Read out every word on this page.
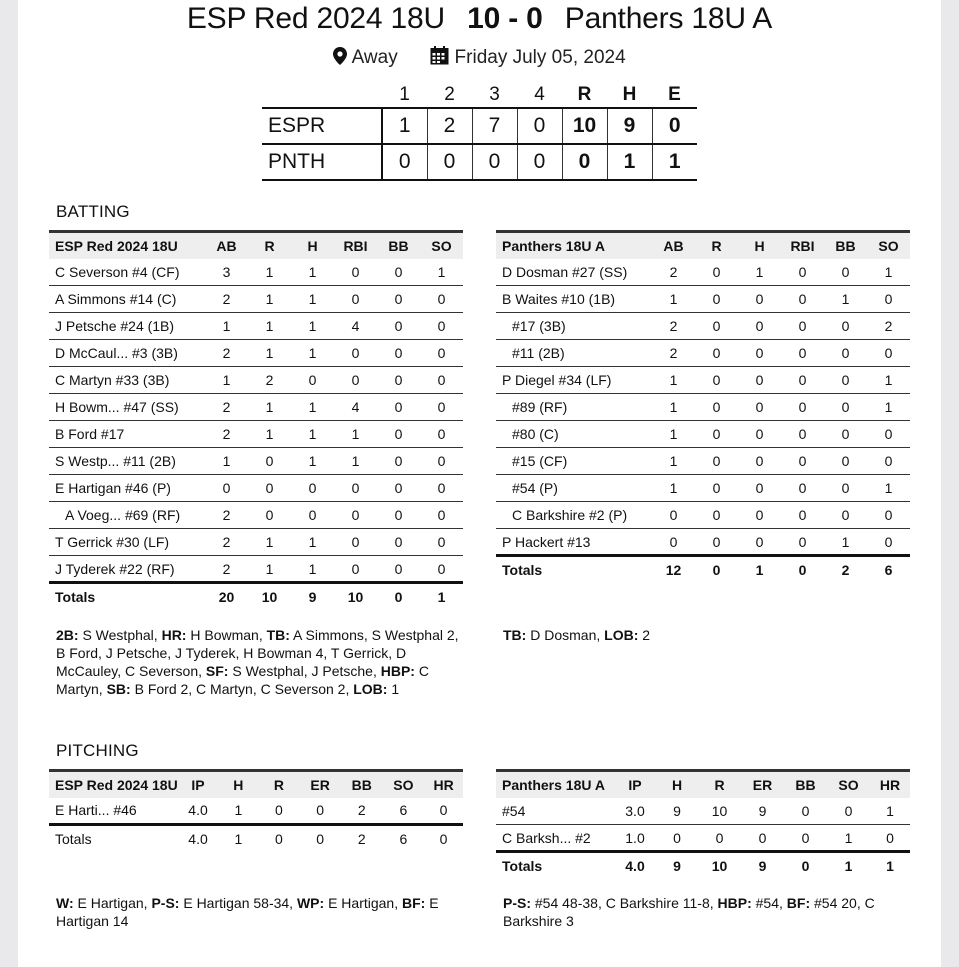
ESP Red 2024 18U 10 - 0 Panthers 18U A
Away	Friday July 05, 2024
	1	2	3	4	R	H	E
ESPR	1	2	7	0	10	9	0
PNTH	0	0	0	0	0	1	1
BATTING
ESP Red 2024 18U	AB	R	H	RBI	BB	SO
C Severson #4 (CF)	3	1	1	0	0	1
A Simmons #14 (C)	2	1	1	0	0	0
J Petsche #24 (1B)	1	1	1	4	0	0
D McCaul... #3 (3B)	2	1	1	0	0	0
C Martyn #33 (3B)	1	2	0	0	0	0
H Bowm... #47 (SS)	2	1	1	4	0	0
B Ford #17	2	1	1	1	0	0
S Westp... #11 (2B)	1	0	1	1	0	0
E Hartigan #46 (P)	0	0	0	0	0	0
A Voeg... #69 (RF)	2	0	0	0	0	0
T Gerrick #30 (LF)	2	1	1	0	0	0
J Tyderek #22 (RF)	2	1	1	0	0	0
Totals	20	10	9	10	0	1
Panthers 18U A	AB	R	H	RBI	BB	SO
D Dosman #27 (SS)	2	0	1	0	0	1
B Waites #10 (1B)	1	0	0	0	1	0
#17 (3B)	2	0	0	0	0	2
#11 (2B)	2	0	0	0	0	0
P Diegel #34 (LF)	1	0	0	0	0	1
#89 (RF)	1	0	0	0	0	1
#80 (C)	1	0	0	0	0	0
#15 (CF)	1	0	0	0	0	0
#54 (P)	1	0	0	0	0	1
C Barkshire #2 (P)	0	0	0	0	0	0
P Hackert #13	0	0	0	0	1	0
Totals	12	0	1	0	2	6
2B: S Westphal, HR: H Bowman, TB: A Simmons, S Westphal 2, B Ford, J Petsche, J Tyderek, H Bowman 4, T Gerrick, D McCauley, C Severson, SF: S Westphal, J Petsche, HBP: C Martyn, SB: B Ford 2, C Martyn, C Severson 2, LOB: 1
TB: D Dosman, LOB: 2
PITCHING
ESP Red 2024 18U	IP	H	R	ER	BB	SO	HR
E Harti... #46	4.0	1	0	0	2	6	0
Totals	4.0	1	0	0	2	6	0
Panthers 18U A	IP	H	R	ER	BB	SO	HR
#54	3.0	9	10	9	0	0	1
C Barksh... #2	1.0	0	0	0	0	1	0
Totals	4.0	9	10	9	0	1	1
W: E Hartigan, P-S: E Hartigan 58-34, WP: E Hartigan, BF: E Hartigan 14
P-S: #54 48-38, C Barkshire 11-8, HBP: #54, BF: #54 20, C Barkshire 3
